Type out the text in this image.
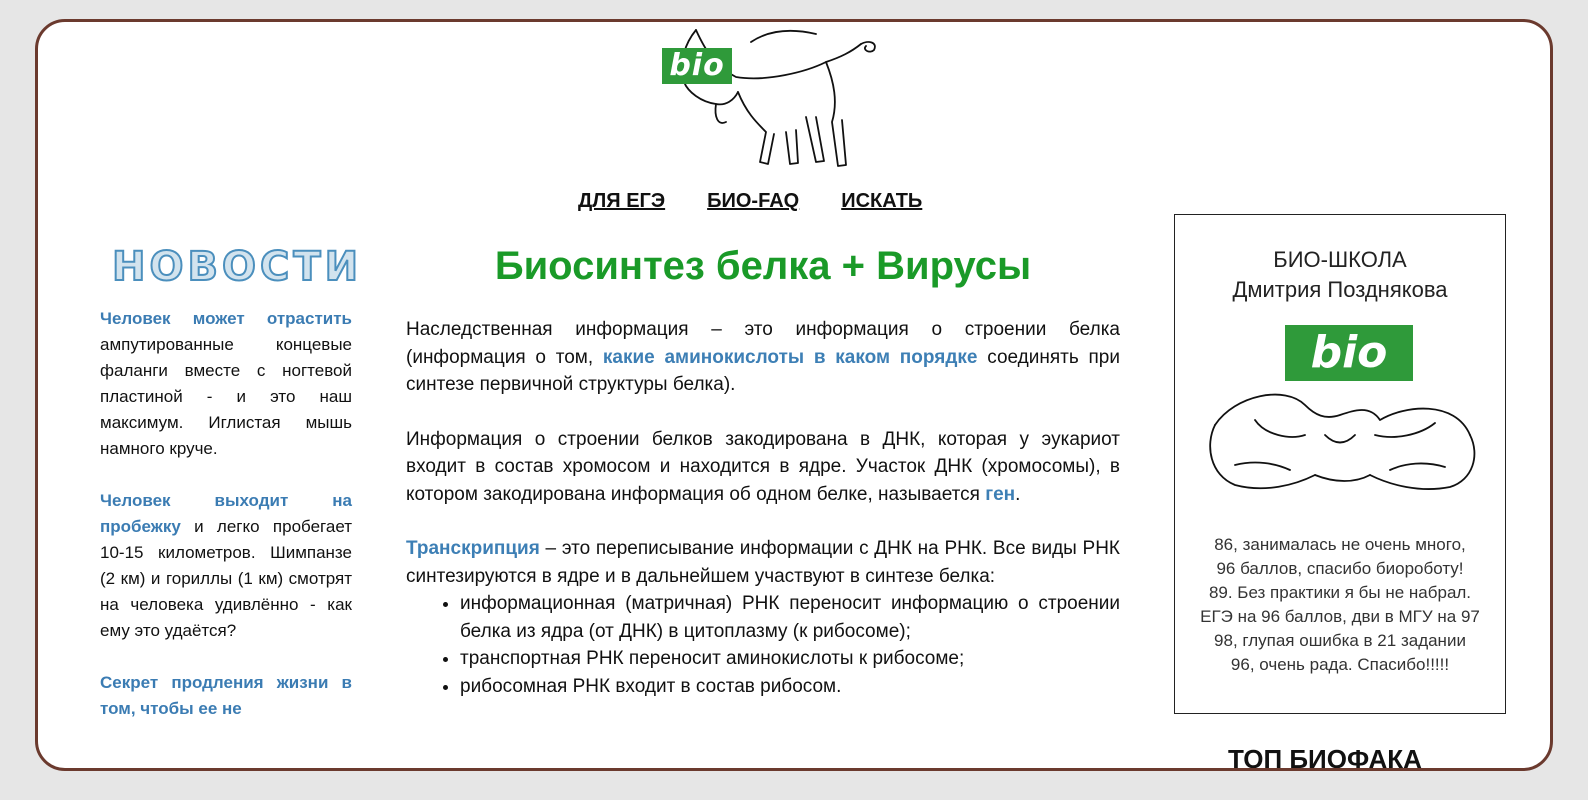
bio
ДЛЯ ЕГЭ БИО-FAQ ИСКАТЬ
НОВОСТИ
Человек может отрастить ампутированные концевые фаланги вместе с ногтевой пластиной - и это наш максимум. Иглистая мышь намного круче.
Человек выходит на пробежку и легко пробегает 10-15 километров. Шимпанзе (2 км) и гориллы (1 км) смотрят на человека удивлённо - как ему это удаётся?
Секрет продления жизни в том, чтобы ее не
Биосинтез белка + Вирусы

Наследственная информация – это информация о строении белка (информация о том, какие аминокислоты в каком порядке соединять при синтезе первичной структуры белка).

Информация о строении белков закодирована в ДНК, которая у эукариот входит в состав хромосом и находится в ядре. Участок ДНК (хромосомы), в котором закодирована информация об одном белке, называется ген.

Транскрипция – это переписывание информации с ДНК на РНК. Все виды РНК синтезируются в ядре и в дальнейшем участвуют в синтезе белка:

• информационная (матричная) РНК переносит информацию о строении белка из ядра (от ДНК) в цитоплазму (к рибосоме);
• транспортная РНК переносит аминокислоты к рибосоме;
• рибосомная РНК входит в состав рибосом.
БИО-ШКОЛА
Дмитрия Позднякова
bio
86, занималась не очень много,
96 баллов, спасибо биороботу!
89. Без практики я бы не набрал.
ЕГЭ на 96 баллов, дви в МГУ на 97
98, глупая ошибка в 21 задании
96, очень рада. Спасибо!!!!!
ТОП БИОФАКА
